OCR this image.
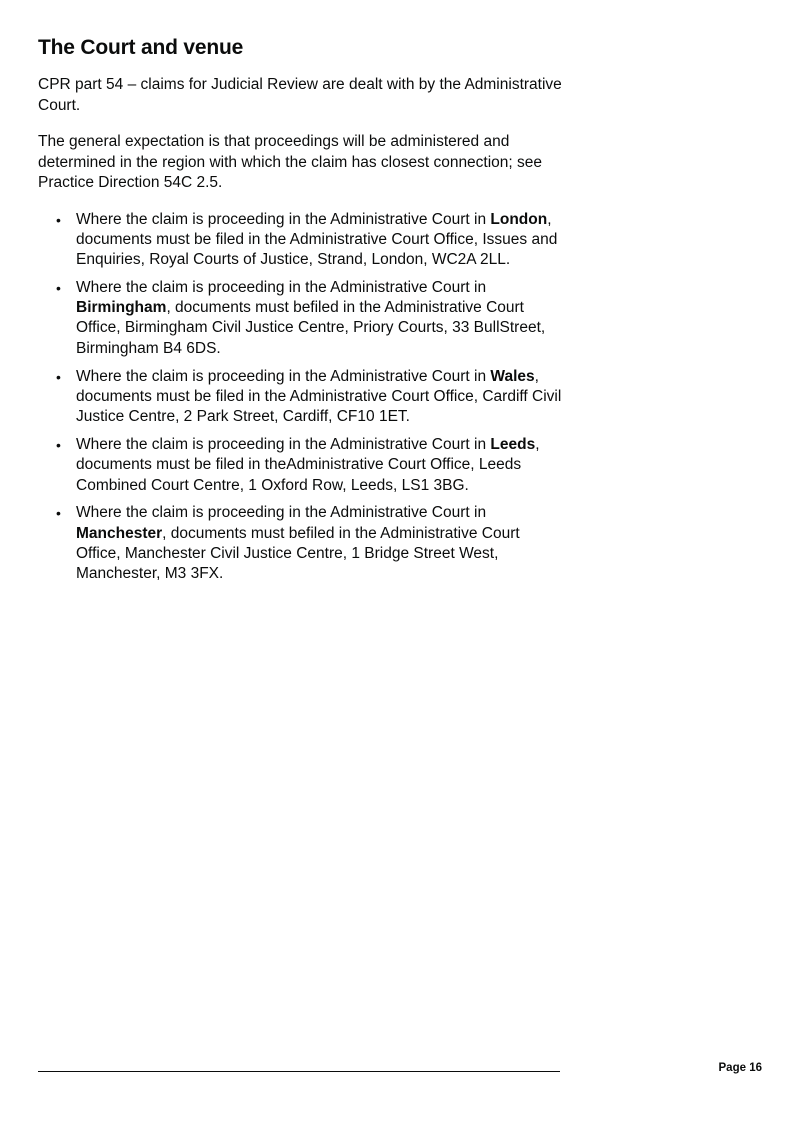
The Court and venue

CPR part 54 – claims for Judicial Review are dealt with by the Administrative Court.

The general expectation is that proceedings will be administered and determined in the region with which the claim has closest connection; see Practice Direction 54C 2.5.

• Where the claim is proceeding in the Administrative Court in London, documents must be filed in the Administrative Court Office, Issues and Enquiries, Royal Courts of Justice, Strand, London, WC2A 2LL.
• Where the claim is proceeding in the Administrative Court in Birmingham, documents must befiled in the Administrative Court Office, Birmingham Civil Justice Centre, Priory Courts, 33 BullStreet, Birmingham B4 6DS.
• Where the claim is proceeding in the Administrative Court in Wales, documents must be filed in the Administrative Court Office, Cardiff Civil Justice Centre, 2 Park Street, Cardiff, CF10 1ET.
• Where the claim is proceeding in the Administrative Court in Leeds, documents must be filed in theAdministrative Court Office, Leeds Combined Court Centre, 1 Oxford Row, Leeds, LS1 3BG.
• Where the claim is proceeding in the Administrative Court in Manchester, documents must befiled in the Administrative Court Office, Manchester Civil Justice Centre, 1 Bridge Street West, Manchester, M3 3FX.
Page 16
